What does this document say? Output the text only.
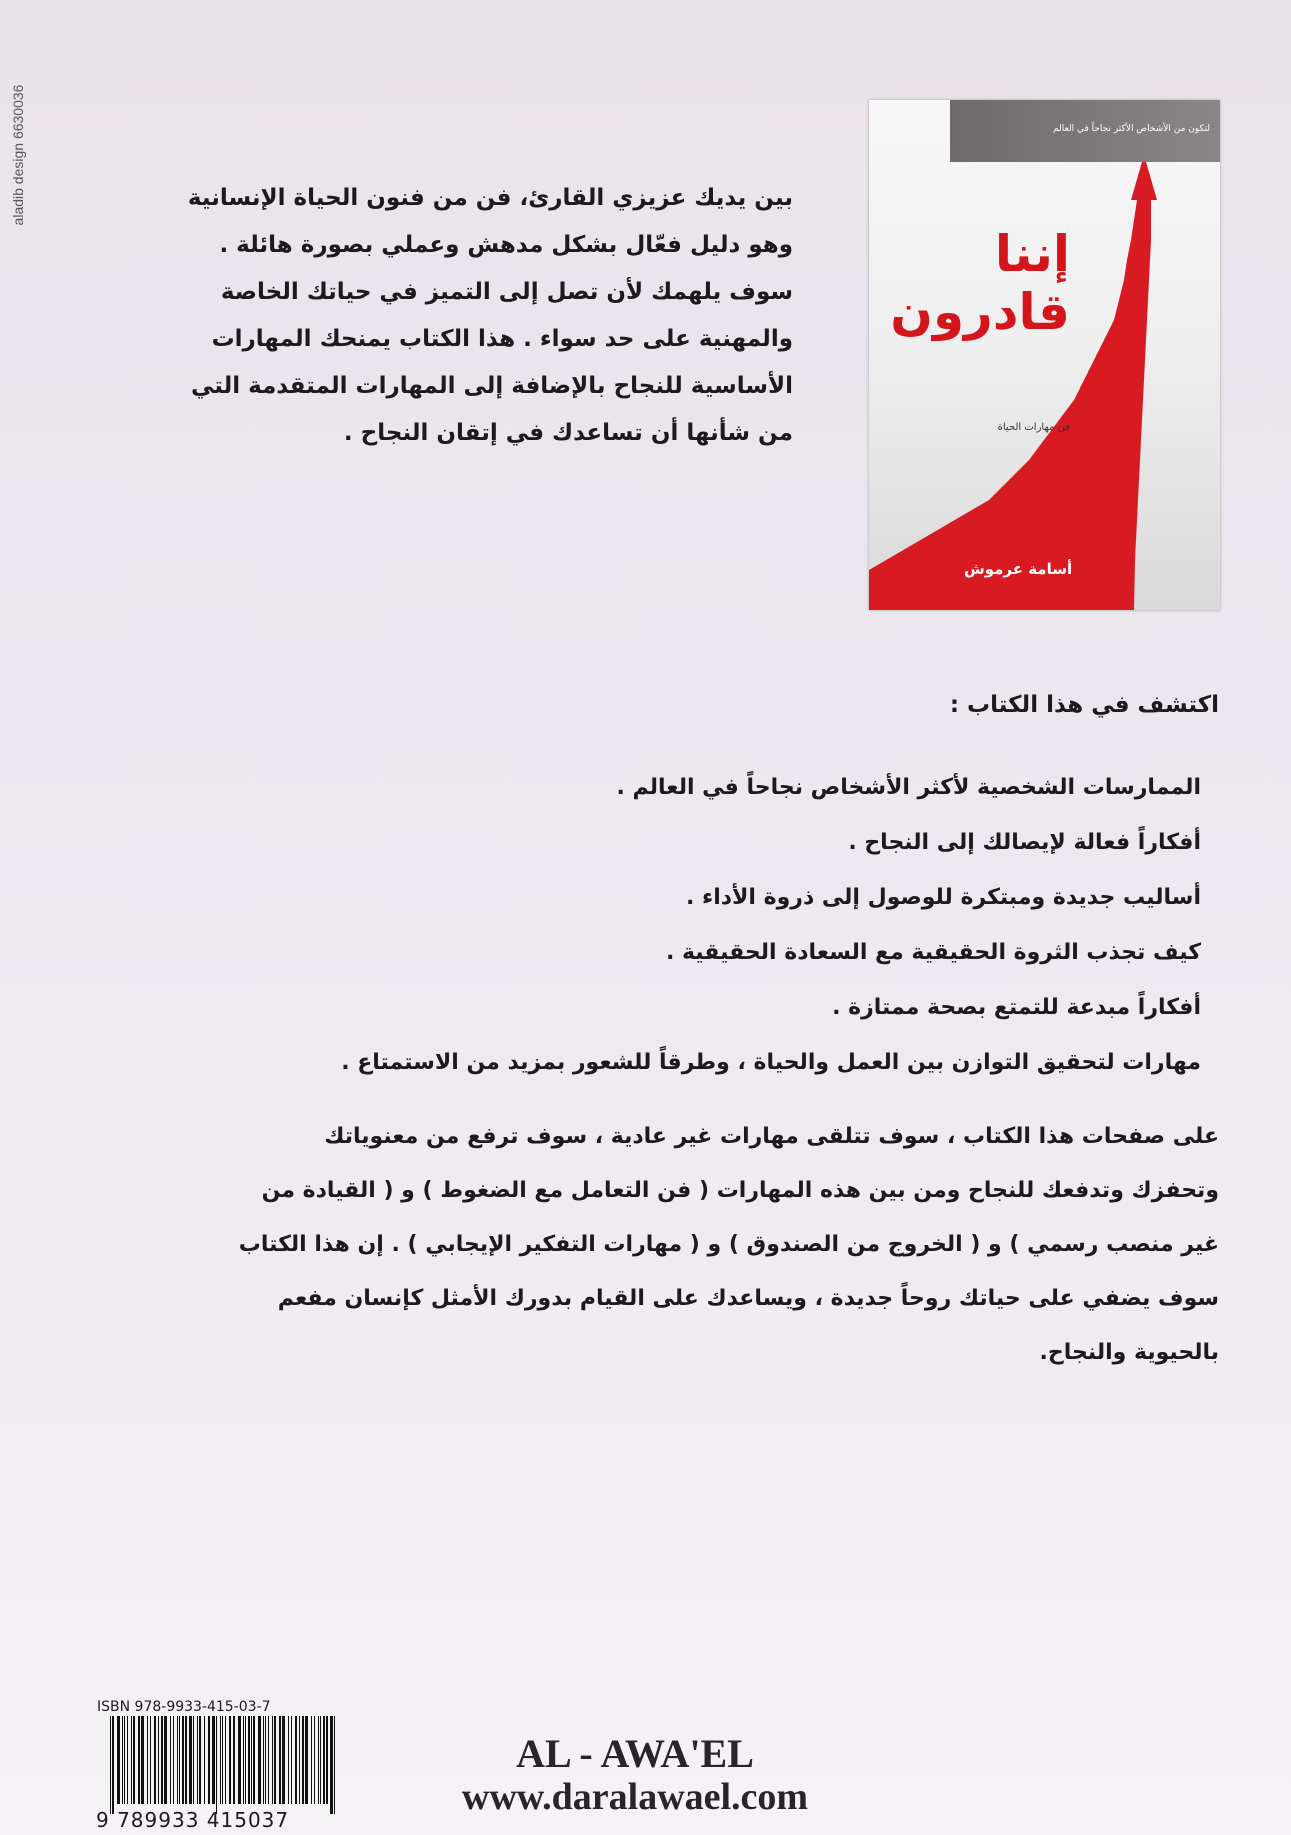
aladib design 6630036	لتكون من الأشخاص الأكثر نجاحاً في العالم
إننا
قادرون
فن مهارات الحياة
أسامة عرموش
بين يديك عزيزي القارئ، فن من فنون الحياة الإنسانية
وهو دليل فعّال بشكل مدهش وعملي بصورة هائلة .
سوف يلهمك لأن تصل إلى التميز في حياتك الخاصة
والمهنية على حد سواء . هذا الكتاب يمنحك المهارات
الأساسية للنجاح بالإضافة إلى المهارات المتقدمة التي
من شأنها أن تساعدك في إتقان النجاح .
اكتشف في هذا الكتاب :
الممارسات الشخصية لأكثر الأشخاص نجاحاً في العالم .
أفكاراً فعالة لإيصالك إلى النجاح .
أساليب جديدة ومبتكرة للوصول إلى ذروة الأداء .
كيف تجذب الثروة الحقيقية مع السعادة الحقيقية .
أفكاراً مبدعة للتمتع بصحة ممتازة .
مهارات لتحقيق التوازن بين العمل والحياة ، وطرقاً للشعور بمزيد من الاستمتاع .
على صفحات هذا الكتاب ، سوف تتلقى مهارات غير عادية ، سوف ترفع من معنوياتك
وتحفزك وتدفعك للنجاح ومن بين هذه المهارات ( فن التعامل مع الضغوط ) و ( القيادة من
غير منصب رسمي ) و ( الخروج من الصندوق ) و ( مهارات التفكير الإيجابي ) . إن هذا الكتاب
سوف يضفي على حياتك روحاً جديدة ، ويساعدك على القيام بدورك الأمثل كإنسان مفعم
بالحيوية والنجاح.
ISBN 978-9933-415-03-7
9 789933 415037
AL - AWA'EL
www.daralawael.com
